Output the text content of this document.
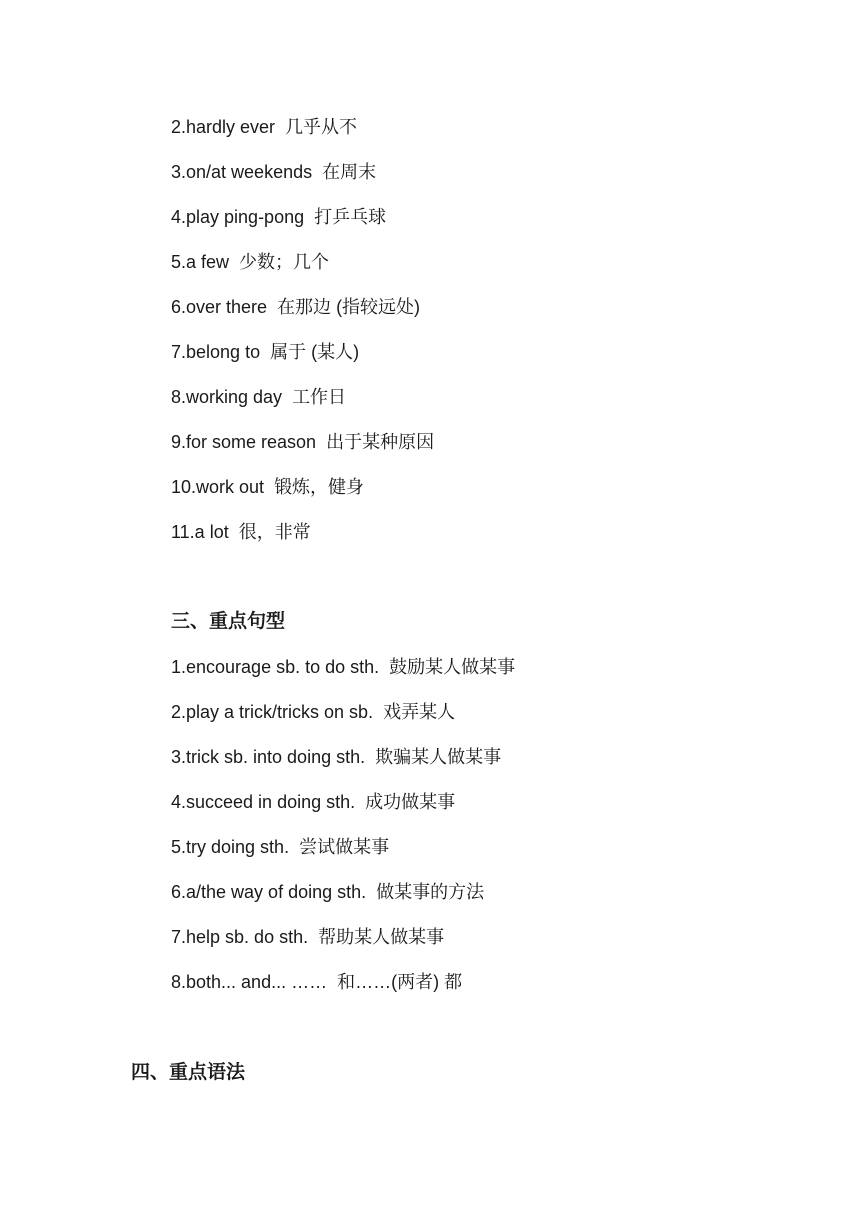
2.hardly ever 几乎从不
3.on/at weekends 在周末
4.play ping-pong 打乒乓球
5.a few 少数；几个
6.over there 在那边 (指较远处)
7.belong to 属于 (某人)
8.working day 工作日
9.for some reason 出于某种原因
10.work out 锻炼，健身
11.a lot 很，非常
三、重点句型
1.encourage sb. to do sth. 鼓励某人做某事
2.play a trick/tricks on sb. 戏弄某人
3.trick sb. into doing sth. 欺骗某人做某事
4.succeed in doing sth. 成功做某事
5.try doing sth. 尝试做某事
6.a/the way of doing sth. 做某事的方法
7.help sb. do sth. 帮助某人做某事
8.both... and... …… 和……(两者) 都
四、重点语法
